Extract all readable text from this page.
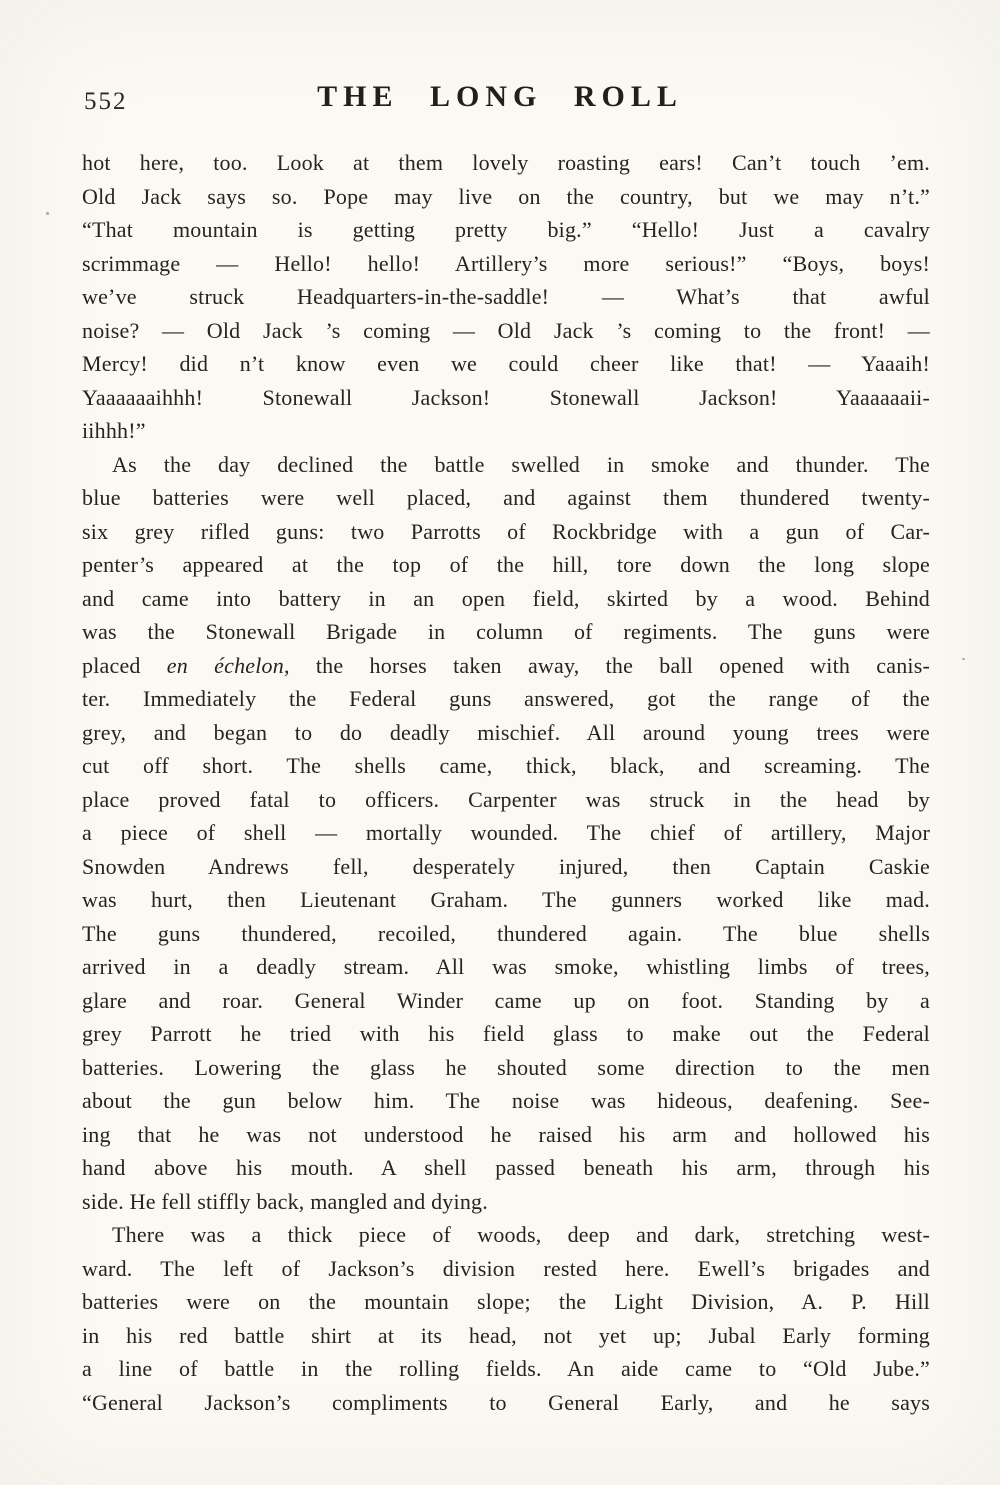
552	THE LONG ROLL
hot here, too. Look at them lovely roasting ears! Can’t touch ’em.
Old Jack says so. Pope may live on the country, but we may n’t.”
“That mountain is getting pretty big.” “Hello! Just a cavalry
scrimmage — Hello! hello! Artillery’s more serious!” “Boys, boys!
we’ve struck Headquarters-in-the-saddle! — What’s that awful
noise? — Old Jack ’s coming — Old Jack ’s coming to the front! —
Mercy! did n’t know even we could cheer like that! — Yaaaih!
Yaaaaaaihhh! Stonewall Jackson! Stonewall Jackson! Yaaaaaaii-
iihhh!”
As the day declined the battle swelled in smoke and thunder. The
blue batteries were well placed, and against them thundered twenty-
six grey rifled guns: two Parrotts of Rockbridge with a gun of Car-
penter’s appeared at the top of the hill, tore down the long slope
and came into battery in an open field, skirted by a wood. Behind
was the Stonewall Brigade in column of regiments. The guns were
placed en échelon, the horses taken away, the ball opened with canis-
ter. Immediately the Federal guns answered, got the range of the
grey, and began to do deadly mischief. All around young trees were
cut off short. The shells came, thick, black, and screaming. The
place proved fatal to officers. Carpenter was struck in the head by
a piece of shell — mortally wounded. The chief of artillery, Major
Snowden Andrews fell, desperately injured, then Captain Caskie
was hurt, then Lieutenant Graham. The gunners worked like mad.
The guns thundered, recoiled, thundered again. The blue shells
arrived in a deadly stream. All was smoke, whistling limbs of trees,
glare and roar. General Winder came up on foot. Standing by a
grey Parrott he tried with his field glass to make out the Federal
batteries. Lowering the glass he shouted some direction to the men
about the gun below him. The noise was hideous, deafening. See-
ing that he was not understood he raised his arm and hollowed his
hand above his mouth. A shell passed beneath his arm, through his
side. He fell stiffly back, mangled and dying.
There was a thick piece of woods, deep and dark, stretching west-
ward. The left of Jackson’s division rested here. Ewell’s brigades and
batteries were on the mountain slope; the Light Division, A. P. Hill
in his red battle shirt at its head, not yet up; Jubal Early forming
a line of battle in the rolling fields. An aide came to “Old Jube.”
“General Jackson’s compliments to General Early, and he says
